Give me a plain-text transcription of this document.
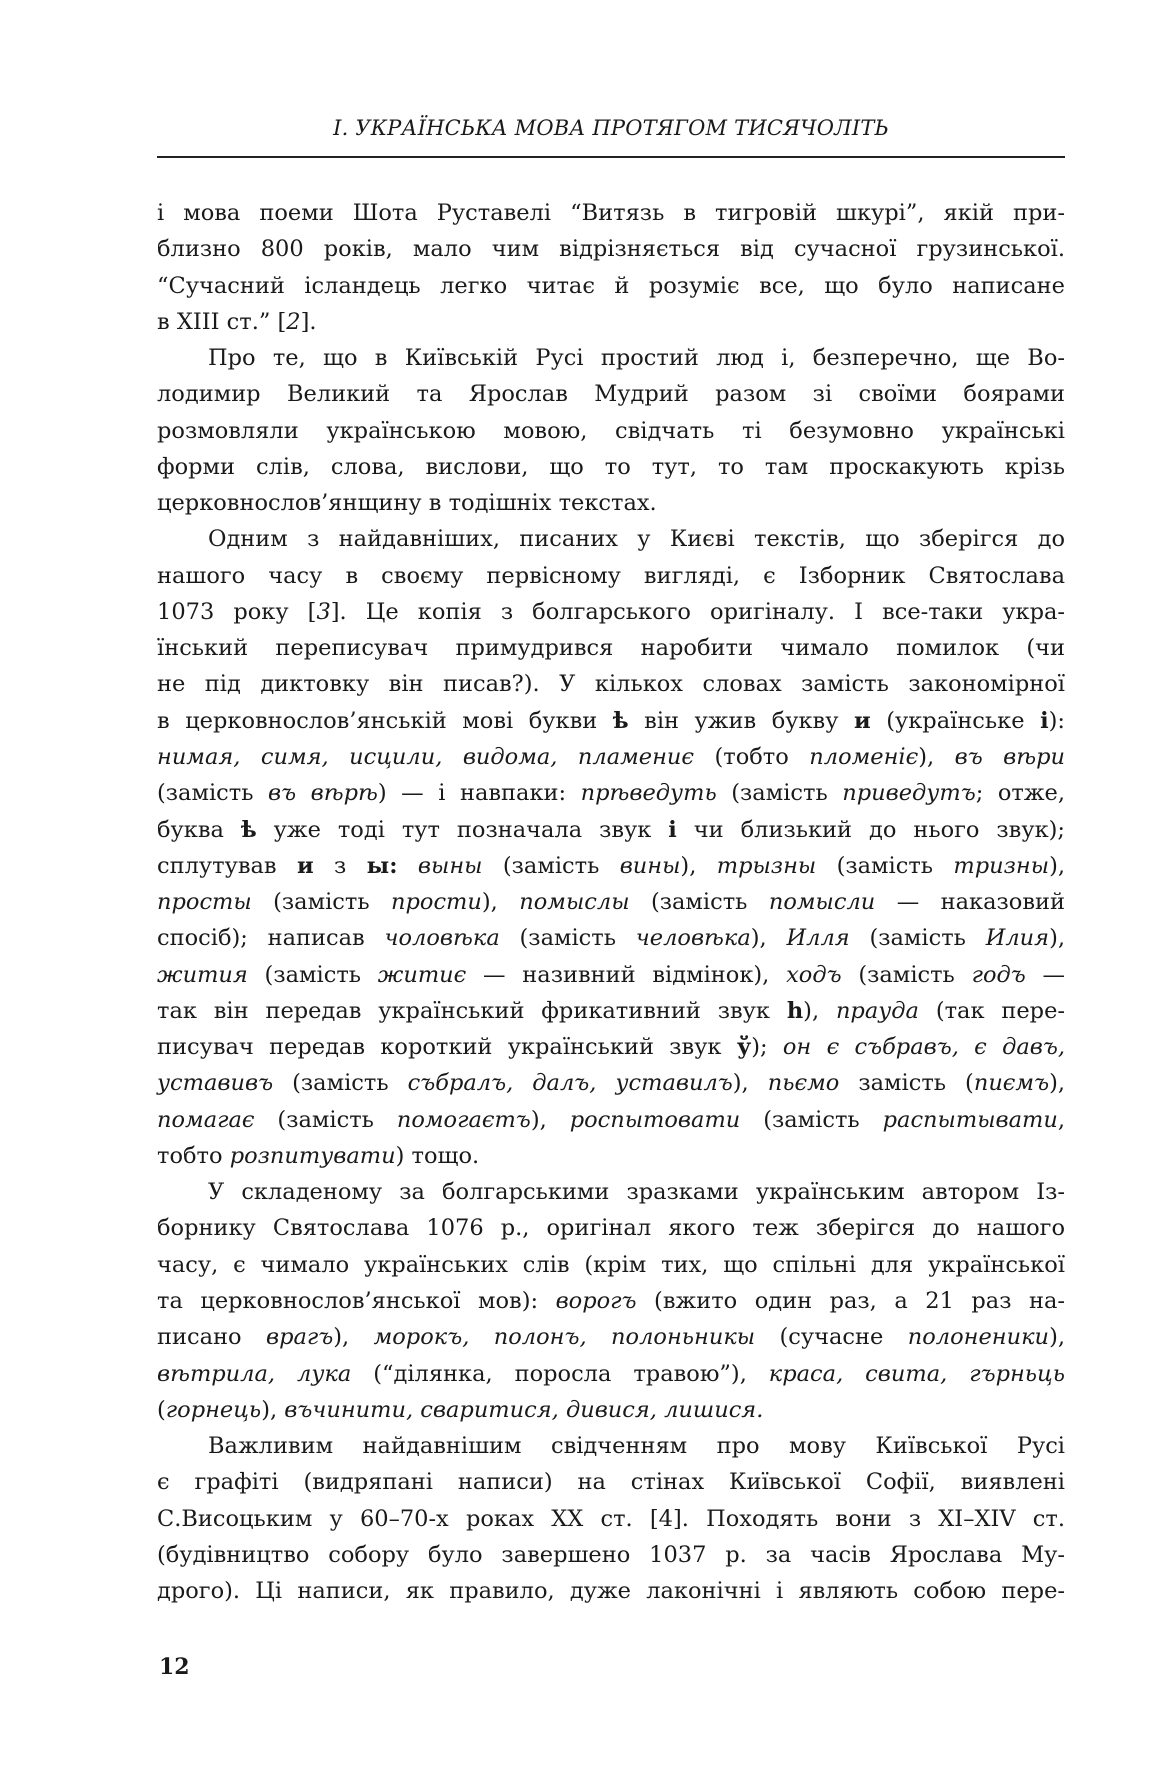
І. УКРАЇНСЬКА МОВА ПРОТЯГОМ ТИСЯЧОЛІТЬ
і мова поеми Шота Руставелі “Витязь в тигровій шкурі”, якій при-
близно 800 років, мало чим відрізняється від сучасної грузинської.
“Сучасний ісландець легко читає й розуміє все, що було написане
в XIII ст.” [2].
Про те, що в Київській Русі простий люд і, безперечно, ще Во-
лодимир Великий та Ярослав Мудрий разом зі своїми боярами
розмовляли українською мовою, свідчать ті безумовно українські
форми слів, слова, вислови, що то тут, то там проскакують крізь
церковнослов’янщину в тодішніх текстах.
Одним з найдавніших, писаних у Києві текстів, що зберігся до
нашого часу в своєму первісному вигляді, є Ізборник Святослава
1073 року [3]. Це копія з болгарського оригіналу. І все-таки укра-
їнський переписувач примудрився наробити чимало помилок (чи
не під диктовку він писав?). У кількох словах замість закономірної
в церковнослов’янській мові букви ѣ він ужив букву и (українське і):
нимая, симя, исцили, видома, пламениє (тобто пломеніє), въ вѣри
(замість въ вѣрѣ) — і навпаки: прѣведуть (замість приведутъ; отже,
буква ѣ уже тоді тут позначала звук і чи близький до нього звук);
сплутував и з ы: выны (замість вины), трызны (замість тризны),
просты (замість прости), помыслы (замість помысли — наказовий
спосіб); написав чоловѣка (замість человѣка), Илля (замість Илия),
жития (замість житиє — називний відмінок), ходъ (замість годъ —
так він передав український фрикативний звук h), прауда (так пере-
писувач передав короткий український звук ў); он є събравъ, є давъ,
уставивъ (замість събралъ, далъ, уставилъ), пьємо замість (пиємъ),
помагає (замість помогаєтъ), роспытовати (замість распытывати,
тобто розпитувати) тощо.
У складеному за болгарськими зразками українським автором Із-
борнику Святослава 1076 р., оригінал якого теж зберігся до нашого
часу, є чимало українських слів (крім тих, що спільні для української
та церковнослов’янської мов): ворогъ (вжито один раз, а 21 раз на-
писано врагъ), морокъ, полонъ, полоньникы (сучасне полоненики),
вѣтрила, лука (“ділянка, поросла травою”), краса, свита, гърньць
(горнець), въчинити, сваритися, дивися, лишися.
Важливим найдавнішим свідченням про мову Київської Русі
є графіті (видряпані написи) на стінах Київської Софії, виявлені
С.Висоцьким у 60–70-х роках XX ст. [4]. Походять вони з XI–XIV ст.
(будівництво собору було завершено 1037 р. за часів Ярослава Му-
дрого). Ці написи, як правило, дуже лаконічні і являють собою пере-
12
